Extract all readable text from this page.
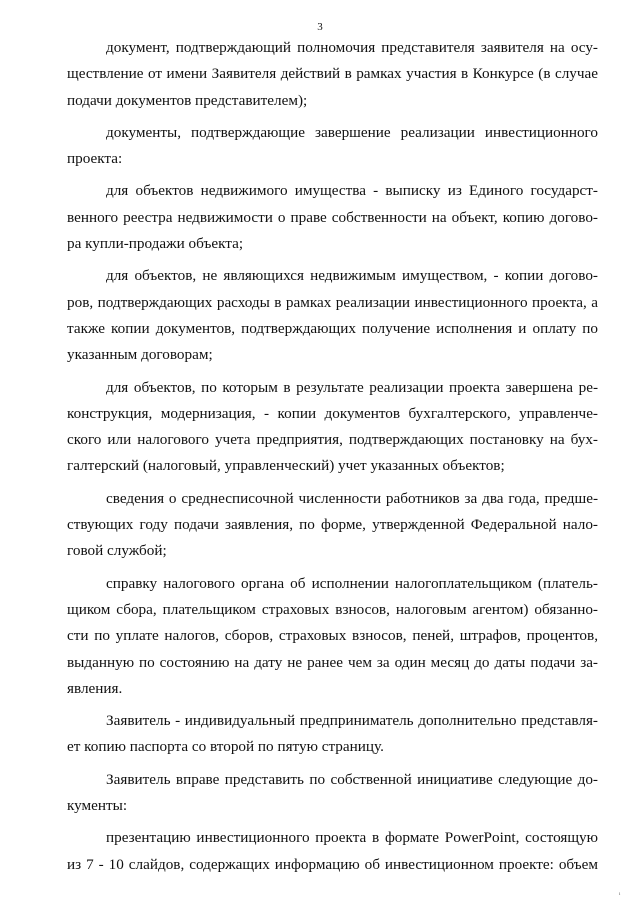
3
документ, подтверждающий полномочия представителя заявителя на осу-
ществление от имени Заявителя действий в рамках участия в Конкурсе (в случае
подачи документов представителем);
документы, подтверждающие завершение реализации инвестиционного
проекта:
для объектов недвижимого имущества - выписку из Единого государст-
венного реестра недвижимости о праве собственности на объект, копию догово-
ра купли-продажи объекта;
для объектов, не являющихся недвижимым имуществом, - копии догово-
ров, подтверждающих расходы в рамках реализации инвестиционного проекта, а
также копии документов, подтверждающих получение исполнения и оплату по
указанным договорам;
для объектов, по которым в результате реализации проекта завершена ре-
конструкция, модернизация, - копии документов бухгалтерского, управленче-
ского или налогового учета предприятия, подтверждающих постановку на бух-
галтерский (налоговый, управленческий) учет указанных объектов;
сведения о среднесписочной численности работников за два года, предше-
ствующих году подачи заявления, по форме, утвержденной Федеральной нало-
говой службой;
справку налогового органа об исполнении налогоплательщиком (платель-
щиком сбора, плательщиком страховых взносов, налоговым агентом) обязанно-
сти по уплате налогов, сборов, страховых взносов, пеней, штрафов, процентов,
выданную по состоянию на дату не ранее чем за один месяц до даты подачи за-
явления.
Заявитель - индивидуальный предприниматель дополнительно представля-
ет копию паспорта со второй по пятую страницу.
Заявитель вправе представить по собственной инициативе следующие до-
кументы:
презентацию инвестиционного проекта в формате PowerPoint, состоящую
из 7 - 10 слайдов, содержащих информацию об инвестиционном проекте: объем
ı
